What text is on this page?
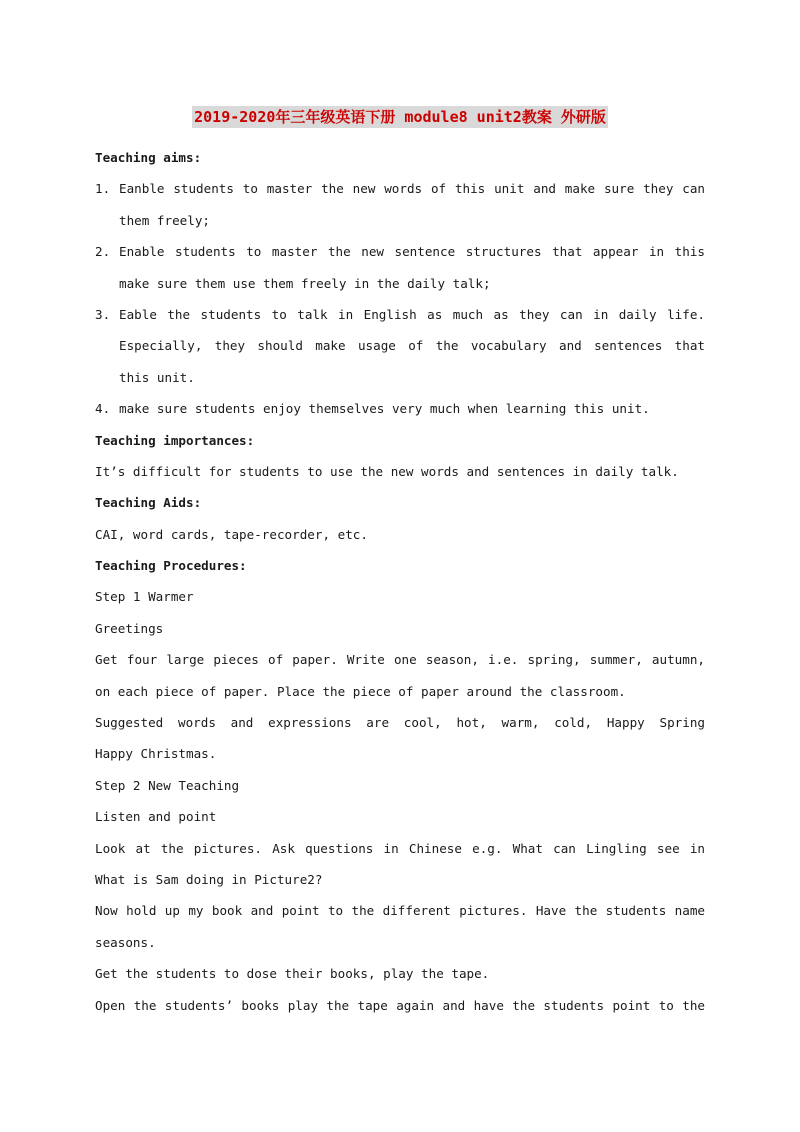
2019-2020年三年级英语下册 module8 unit2教案 外研版
Teaching aims:
1. Eanble students to master the new words of this unit and make sure they can
them freely;
2. Enable students to master the new sentence structures that appear in this
make sure them use them freely in the daily talk;
3. Eable the students to talk in English as much as they can in daily life.
Especially, they should make usage of the vocabulary and sentences that
this unit.
4. make sure students enjoy themselves very much when learning this unit.
Teaching importances:
It’s difficult for students to use the new words and sentences in daily talk.
Teaching Aids:
CAI, word cards, tape-recorder, etc.
Teaching Procedures:
Step 1 Warmer
Greetings
Get four large pieces of paper. Write one season, i.e. spring, summer, autumn,
on each piece of paper. Place the piece of paper around the classroom.
Suggested words and expressions are cool, hot, warm, cold, Happy Spring
Happy Christmas.
Step 2 New Teaching
Listen and point
Look at the pictures. Ask questions in Chinese e.g. What can Lingling see in
What is Sam doing in Picture2?
Now hold up my book and point to the different pictures. Have the students name
seasons.
Get the students to dose their books, play the tape.
Open the students’ books play the tape again and have the students point to the
